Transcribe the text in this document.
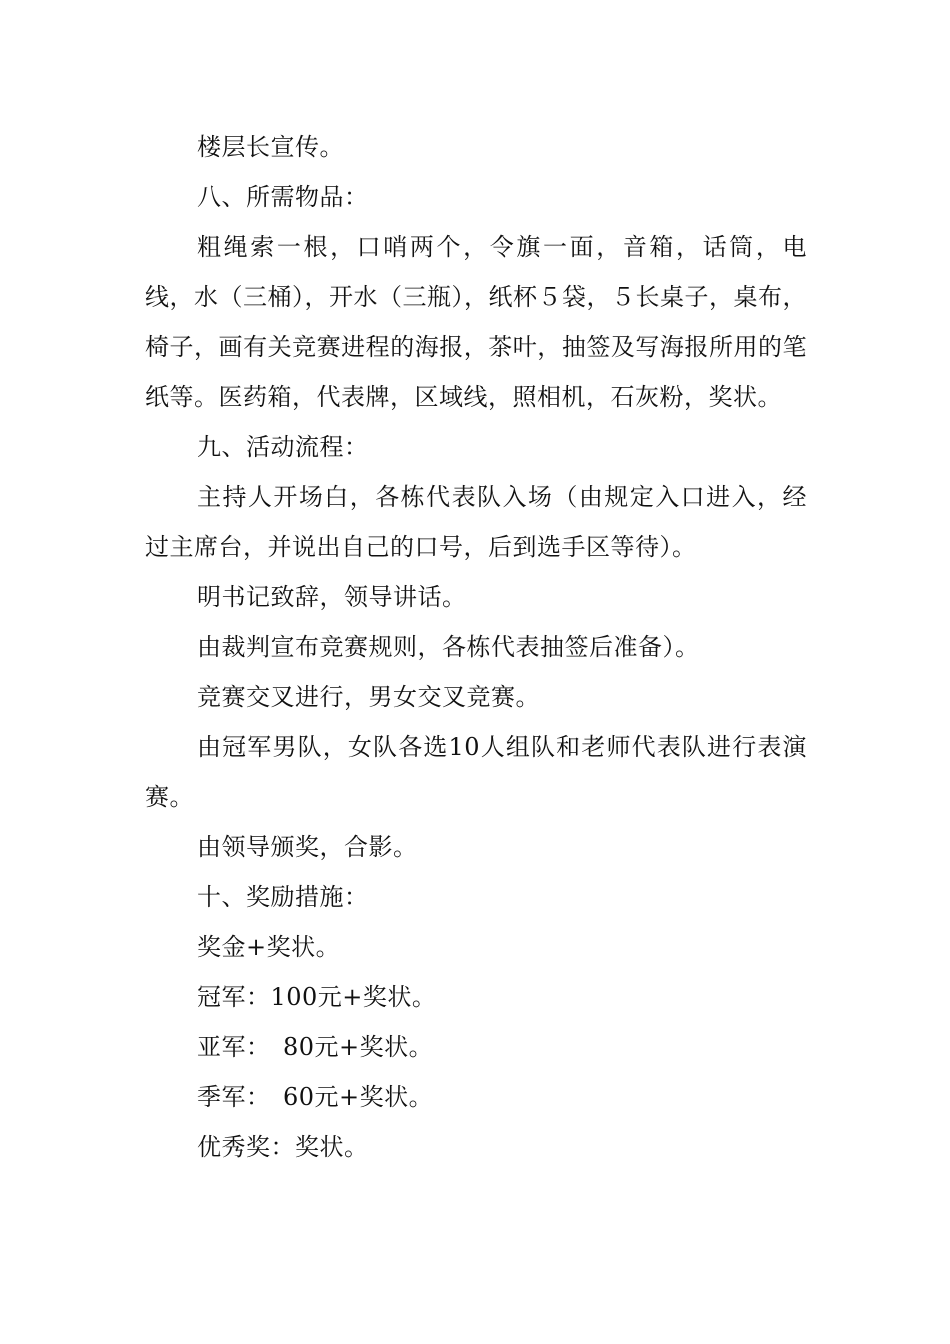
楼层长宣传。

八、所需物品：

粗绳索一根，口哨两个，令旗一面，音箱，话筒，电线，水（三桶），开水（三瓶），纸杯５袋，５长桌子，桌布，椅子，画有关竞赛进程的海报，茶叶，抽签及写海报所用的笔纸等。医药箱，代表牌，区域线，照相机，石灰粉，奖状。

九、活动流程：

主持人开场白，各栋代表队入场（由规定入口进入，经过主席台，并说出自己的口号，后到选手区等待）。

明书记致辞，领导讲话。

由裁判宣布竞赛规则，各栋代表抽签后准备）。

竞赛交叉进行，男女交叉竞赛。

由冠军男队，女队各选10人组队和老师代表队进行表演赛。

由领导颁奖，合影。

十、奖励措施：

奖金+奖状。

冠军：100元+奖状。

亚军：　80元+奖状。

季军：　60元+奖状。

优秀奖：奖状。
